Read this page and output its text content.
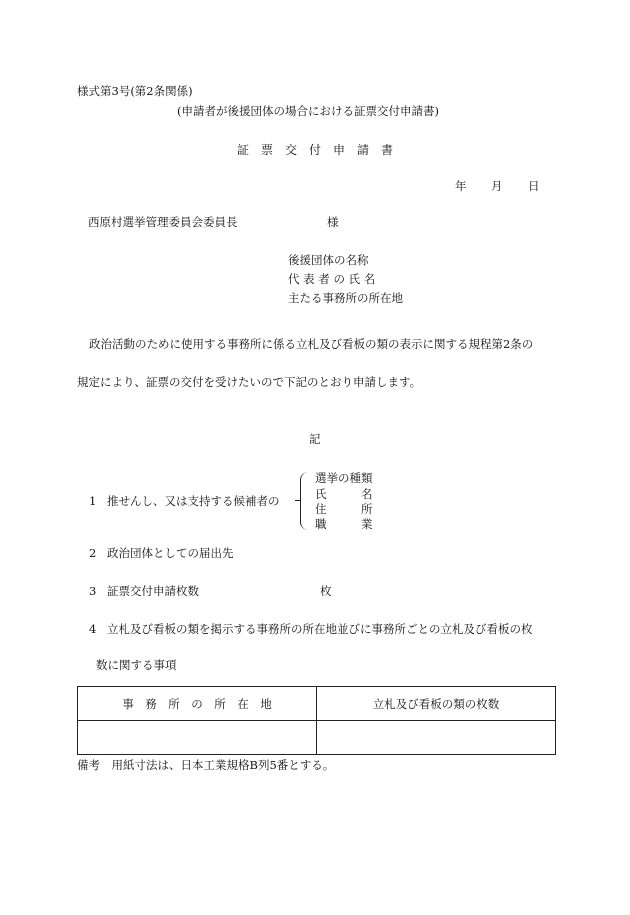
様式第3号(第2条関係)
(申請者が後援団体の場合における証票交付申請書)
証　票　交　付　申　請　書
年 月 日
西原村選挙管理委員会委員長	様
後援団体の名称
代 表 者 の 氏 名
主たる事務所の所在地
政治活動のために使用する事務所に係る立札及び看板の類の表示に関する規程第2条の
規定により、証票の交付を受けたいので下記のとおり申請します。
記
1 推せんし、又は支持する候補者の
選挙の種類
氏　　　名
住　　　所
職　　　業
2 政治団体としての届出先
3 証票交付申請枚数	枚
4 立札及び看板の類を掲示する事務所の所在地並びに事務所ごとの立札及び看板の枚
数に関する事項
事　務　所　の　所　在　地	立札及び看板の類の枚数

備考　用紙寸法は、日本工業規格B列5番とする。
